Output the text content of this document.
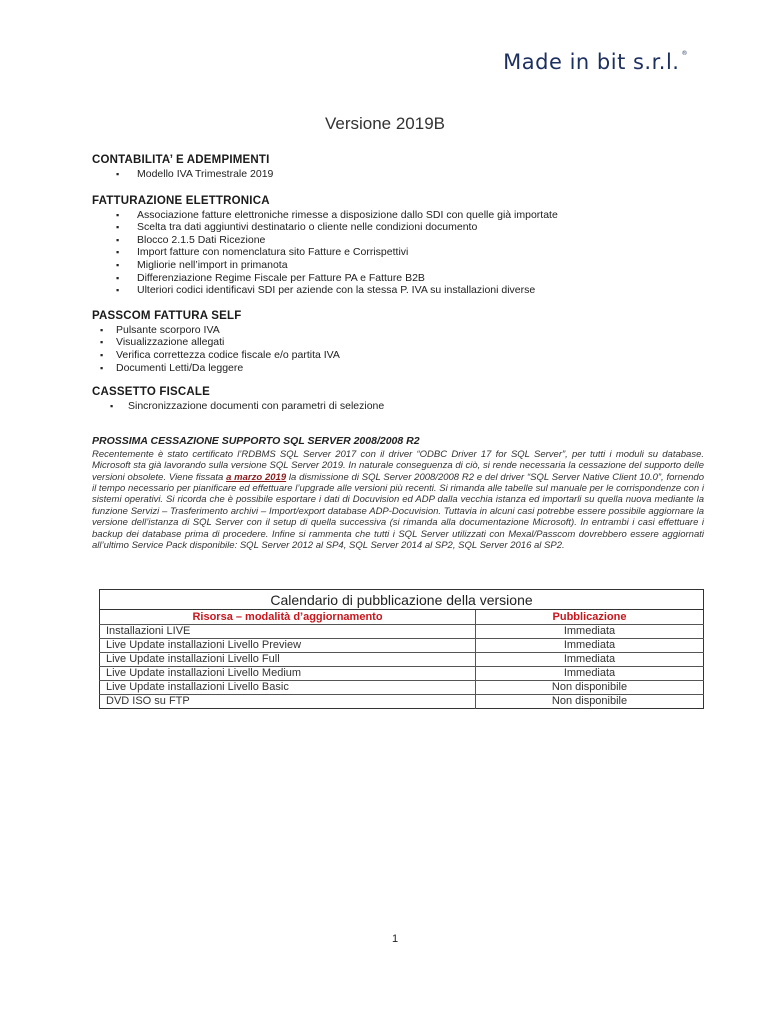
Made in bit s.r.l. ®
Versione 2019B

CONTABILITA’ E ADEMPIMENTI

▪ Modello IVA Trimestrale 2019

FATTURAZIONE ELETTRONICA

▪ Associazione fatture elettroniche rimesse a disposizione dallo SDI con quelle già importate
▪ Scelta tra dati aggiuntivi destinatario o cliente nelle condizioni documento
▪ Blocco 2.1.5 Dati Ricezione
▪ Import fatture con nomenclatura sito Fatture e Corrispettivi
▪ Migliorie nell’import in primanota
▪ Differenziazione Regime Fiscale per Fatture PA e Fatture B2B
▪ Ulteriori codici identificavi SDI per aziende con la stessa P. IVA su installazioni diverse

PASSCOM FATTURA SELF

▪ Pulsante scorporo IVA
▪ Visualizzazione allegati
▪ Verifica correttezza codice fiscale e/o partita IVA
▪ Documenti Letti/Da leggere

CASSETTO FISCALE

▪ Sincronizzazione documenti con parametri di selezione

PROSSIMA CESSAZIONE SUPPORTO SQL SERVER 2008/2008 R2

Recentemente è stato certificato l’RDBMS SQL Server 2017 con il driver “ODBC Driver 17 for SQL Server”, per tutti i moduli su database. Microsoft sta già lavorando sulla versione SQL Server 2019. In naturale conseguenza di ciò, si rende necessaria la cessazione del supporto delle versioni obsolete. Viene fissata a marzo 2019 la dismissione di SQL Server 2008/2008 R2 e del driver “SQL Server Native Client 10.0”, fornendo il tempo necessario per pianificare ed effettuare l’upgrade alle versioni più recenti. Si rimanda alle tabelle sul manuale per le corrispondenze con i sistemi operativi. Si ricorda che è possibile esportare i dati di Docuvision ed ADP dalla vecchia istanza ed importarli su quella nuova mediante la funzione Servizi – Trasferimento archivi – Import/export database ADP-Docuvision. Tuttavia in alcuni casi potrebbe essere possibile aggiornare la versione dell’istanza di SQL Server con il setup di quella successiva (si rimanda alla documentazione Microsoft). In entrambi i casi effettuare i backup dei database prima di procedere. Infine si rammenta che tutti i SQL Server utilizzati con Mexal/Passcom dovrebbero essere aggiornati all’ultimo Service Pack disponibile: SQL Server 2012 al SP4, SQL Server 2014 al SP2, SQL Server 2016 al SP2.

Calendario di pubblicazione della versione	
Risorsa – modalità d’aggiornamento	Pubblicazione
Installazioni LIVE	Immediata
Live Update installazioni Livello Preview	Immediata
Live Update installazioni Livello Full	Immediata
Live Update installazioni Livello Medium	Immediata
Live Update installazioni Livello Basic	Non disponibile
DVD ISO su FTP	Non disponibile
1
